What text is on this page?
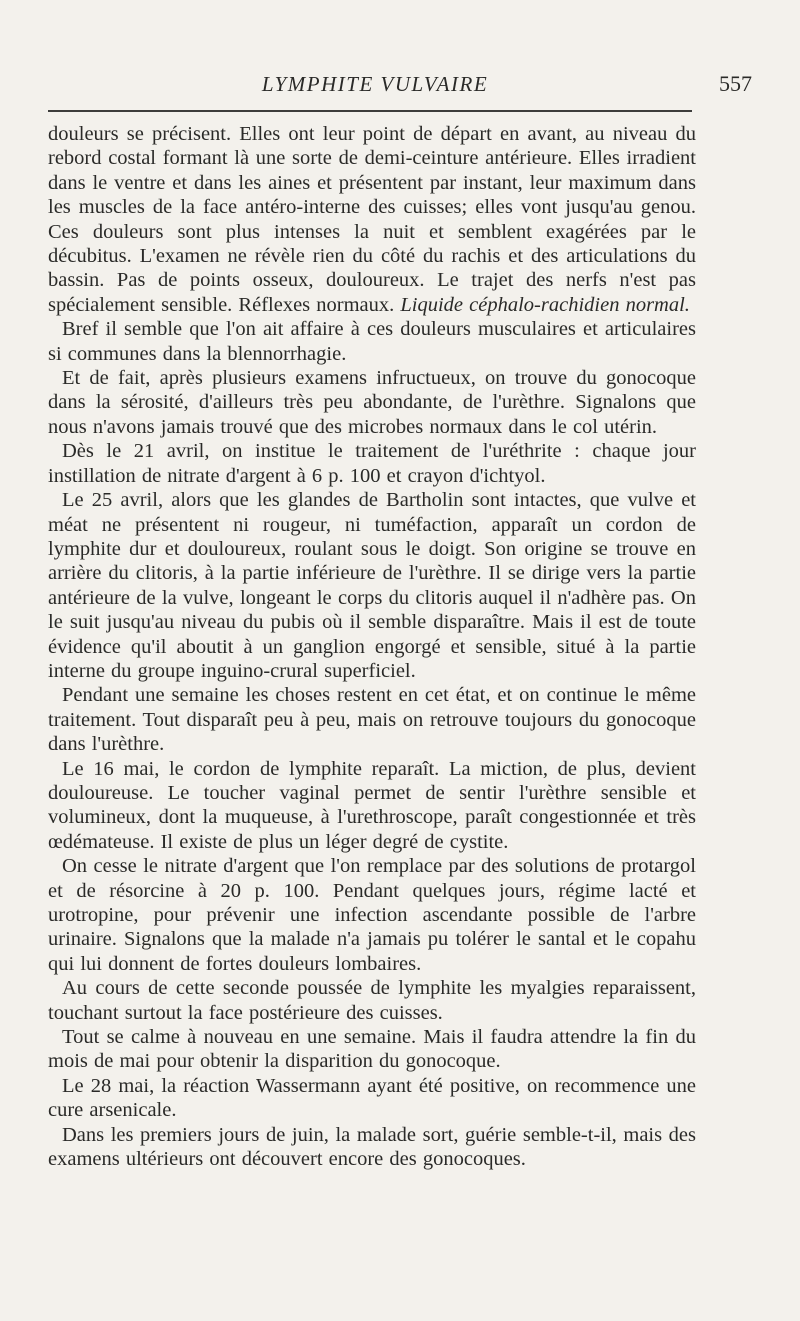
LYMPHITE VULVAIRE	557

douleurs se précisent. Elles ont leur point de départ en avant, au niveau du rebord costal formant là une sorte de demi-ceinture antérieure. Elles irradient dans le ventre et dans les aines et présentent par instant, leur maximum dans les muscles de la face antéro-interne des cuisses; elles vont jusqu'au genou. Ces douleurs sont plus intenses la nuit et semblent exagérées par le décubitus. L'examen ne révèle rien du côté du rachis et des articulations du bassin. Pas de points osseux, douloureux. Le trajet des nerfs n'est pas spécialement sensible. Réflexes normaux. Liquide céphalo-rachidien normal.

Bref il semble que l'on ait affaire à ces douleurs musculaires et articulaires si communes dans la blennorrhagie.

Et de fait, après plusieurs examens infructueux, on trouve du gonocoque dans la sérosité, d'ailleurs très peu abondante, de l'urèthre. Signalons que nous n'avons jamais trouvé que des microbes normaux dans le col utérin.

Dès le 21 avril, on institue le traitement de l'uréthrite : chaque jour instillation de nitrate d'argent à 6 p. 100 et crayon d'ichtyol.

Le 25 avril, alors que les glandes de Bartholin sont intactes, que vulve et méat ne présentent ni rougeur, ni tuméfaction, apparaît un cordon de lymphite dur et douloureux, roulant sous le doigt. Son origine se trouve en arrière du clitoris, à la partie inférieure de l'urèthre. Il se dirige vers la partie antérieure de la vulve, longeant le corps du clitoris auquel il n'adhère pas. On le suit jusqu'au niveau du pubis où il semble disparaître. Mais il est de toute évidence qu'il aboutit à un ganglion engorgé et sensible, situé à la partie interne du groupe inguino-crural superficiel.

Pendant une semaine les choses restent en cet état, et on continue le même traitement. Tout disparaît peu à peu, mais on retrouve toujours du gonocoque dans l'urèthre.

Le 16 mai, le cordon de lymphite reparaît. La miction, de plus, devient douloureuse. Le toucher vaginal permet de sentir l'urèthre sensible et volumineux, dont la muqueuse, à l'urethroscope, paraît congestionnée et très œdémateuse. Il existe de plus un léger degré de cystite.

On cesse le nitrate d'argent que l'on remplace par des solutions de protargol et de résorcine à 20 p. 100. Pendant quelques jours, régime lacté et urotropine, pour prévenir une infection ascendante possible de l'arbre urinaire. Signalons que la malade n'a jamais pu tolérer le santal et le copahu qui lui donnent de fortes douleurs lombaires.

Au cours de cette seconde poussée de lymphite les myalgies reparaissent, touchant surtout la face postérieure des cuisses.

Tout se calme à nouveau en une semaine. Mais il faudra attendre la fin du mois de mai pour obtenir la disparition du gonocoque.

Le 28 mai, la réaction Wassermann ayant été positive, on recommence une cure arsenicale.

Dans les premiers jours de juin, la malade sort, guérie semble-t-il, mais des examens ultérieurs ont découvert encore des gonocoques.
